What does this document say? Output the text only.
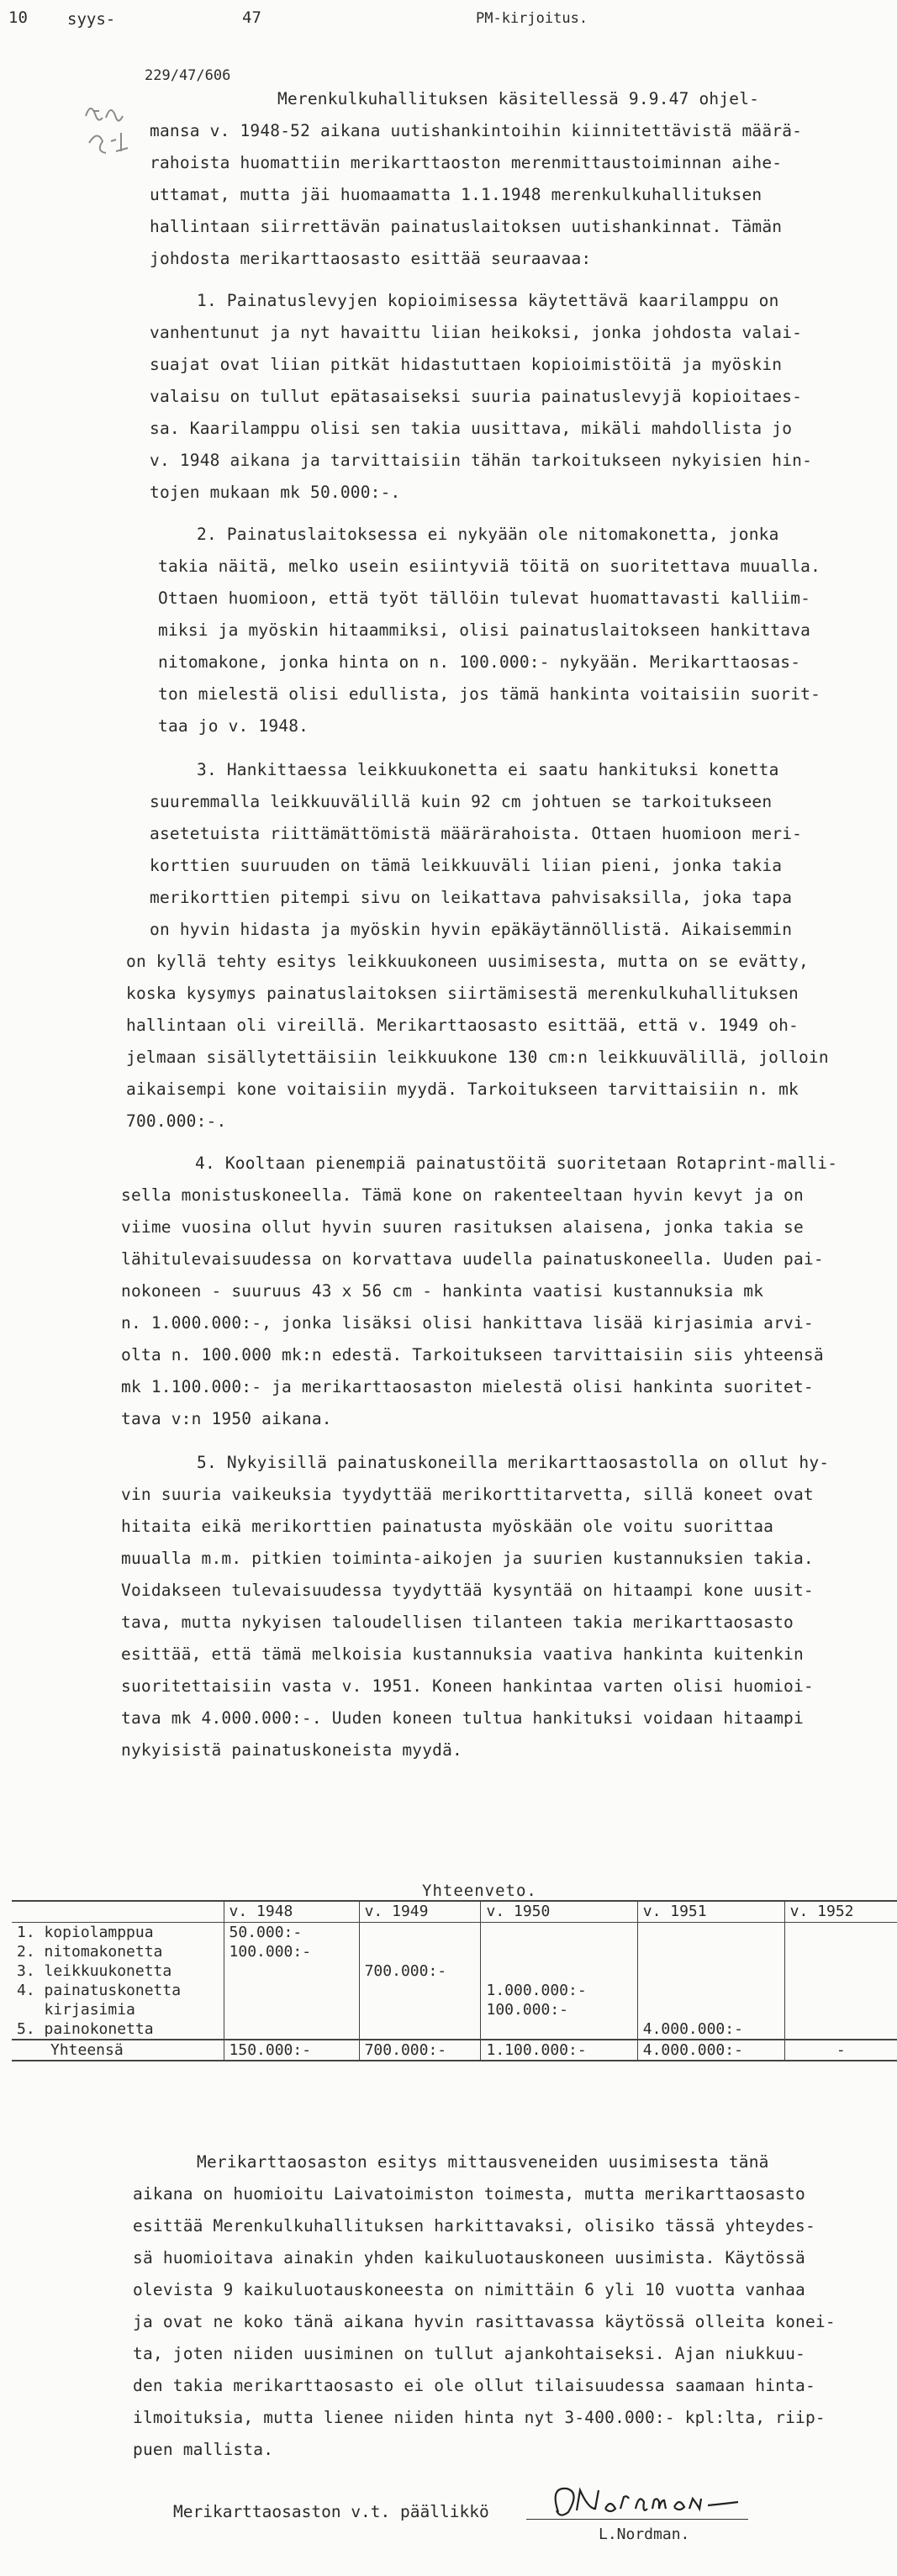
10 syys-	47	PM-kirjoitus.
229/47/606
Merenkulkuhallituksen käsitellessä 9.9.47 ohjel-
mansa v. 1948-52 aikana uutishankintoihin kiinnitettävistä määrä-
rahoista huomattiin merikarttaoston merenmittaustoiminnan aihe-
uttamat, mutta jäi huomaamatta 1.1.1948 merenkulkuhallituksen
hallintaan siirrettävän painatuslaitoksen uutishankinnat. Tämän
johdosta merikarttaosasto esittää seuraavaa:
1. Painatuslevyjen kopioimisessa käytettävä kaarilamppu on
vanhentunut ja nyt havaittu liian heikoksi, jonka johdosta valai-
suajat ovat liian pitkät hidastuttaen kopioimistöitä ja myöskin
valaisu on tullut epätasaiseksi suuria painatuslevyjä kopioitaes-
sa. Kaarilamppu olisi sen takia uusittava, mikäli mahdollista jo
v. 1948 aikana ja tarvittaisiin tähän tarkoitukseen nykyisien hin-
tojen mukaan mk 50.000:-.
2. Painatuslaitoksessa ei nykyään ole nitomakonetta, jonka
takia näitä, melko usein esiintyviä töitä on suoritettava muualla.
Ottaen huomioon, että työt tällöin tulevat huomattavasti kalliim-
miksi ja myöskin hitaammiksi, olisi painatuslaitokseen hankittava
nitomakone, jonka hinta on n. 100.000:- nykyään. Merikarttaosas-
ton mielestä olisi edullista, jos tämä hankinta voitaisiin suorit-
taa jo v. 1948.
3. Hankittaessa leikkuukonetta ei saatu hankituksi konetta
suuremmalla leikkuuvälillä kuin 92 cm johtuen se tarkoitukseen
asetetuista riittämättömistä määrärahoista. Ottaen huomioon meri-
korttien suuruuden on tämä leikkuuväli liian pieni, jonka takia
merikorttien pitempi sivu on leikattava pahvisaksilla, joka tapa
on hyvin hidasta ja myöskin hyvin epäkäytännöllistä. Aikaisemmin
on kyllä tehty esitys leikkuukoneen uusimisesta, mutta on se evätty,
koska kysymys painatuslaitoksen siirtämisestä merenkulkuhallituksen
hallintaan oli vireillä. Merikarttaosasto esittää, että v. 1949 oh-
jelmaan sisällytettäisiin leikkuukone 130 cm:n leikkuuvälillä, jolloin
aikaisempi kone voitaisiin myydä. Tarkoitukseen tarvittaisiin n. mk
700.000:-.
4. Kooltaan pienempiä painatustöitä suoritetaan Rotaprint-malli-
sella monistuskoneella. Tämä kone on rakenteeltaan hyvin kevyt ja on
viime vuosina ollut hyvin suuren rasituksen alaisena, jonka takia se
lähitulevaisuudessa on korvattava uudella painatuskoneella. Uuden pai-
nokoneen - suuruus 43 x 56 cm - hankinta vaatisi kustannuksia mk
n. 1.000.000:-, jonka lisäksi olisi hankittava lisää kirjasimia arvi-
olta n. 100.000 mk:n edestä. Tarkoitukseen tarvittaisiin siis yhteensä
mk 1.100.000:- ja merikarttaosaston mielestä olisi hankinta suoritet-
tava v:n 1950 aikana.
5. Nykyisillä painatuskoneilla merikarttaosastolla on ollut hy-
vin suuria vaikeuksia tyydyttää merikorttitarvetta, sillä koneet ovat
hitaita eikä merikorttien painatusta myöskään ole voitu suorittaa
muualla m.m. pitkien toiminta-aikojen ja suurien kustannuksien takia.
Voidakseen tulevaisuudessa tyydyttää kysyntää on hitaampi kone uusit-
tava, mutta nykyisen taloudellisen tilanteen takia merikarttaosasto
esittää, että tämä melkoisia kustannuksia vaativa hankinta kuitenkin
suoritettaisiin vasta v. 1951. Koneen hankintaa varten olisi huomioi-
tava mk 4.000.000:-. Uuden koneen tultua hankituksi voidaan hitaampi
nykyisistä painatuskoneista myydä.
Yhteenveto.
	v. 1948	v. 1949	v. 1950	v. 1951	v. 1952
1. kopiolamppua	50.000:-				
2. nitomakonetta	100.000:-				
3. leikkuukonetta		700.000:-			
4. painatuskonetta			1.000.000:-		
kirjasimia			100.000:-		
5. painokonetta				4.000.000:-	
Yhteensä	150.000:-	700.000:-	1.100.000:-	4.000.000:-	-
Merikarttaosaston esitys mittausveneiden uusimisesta tänä
aikana on huomioitu Laivatoimiston toimesta, mutta merikarttaosasto
esittää Merenkulkuhallituksen harkittavaksi, olisiko tässä yhteydes-
sä huomioitava ainakin yhden kaikuluotauskoneen uusimista. Käytössä
olevista 9 kaikuluotauskoneesta on nimittäin 6 yli 10 vuotta vanhaa
ja ovat ne koko tänä aikana hyvin rasittavassa käytössä olleita konei-
ta, joten niiden uusiminen on tullut ajankohtaiseksi. Ajan niukkuu-
den takia merikarttaosasto ei ole ollut tilaisuudessa saamaan hinta-
ilmoituksia, mutta lienee niiden hinta nyt 3-400.000:- kpl:lta, riip-
puen mallista.
Merikarttaosaston v.t. päällikkö
L.Nordman.
